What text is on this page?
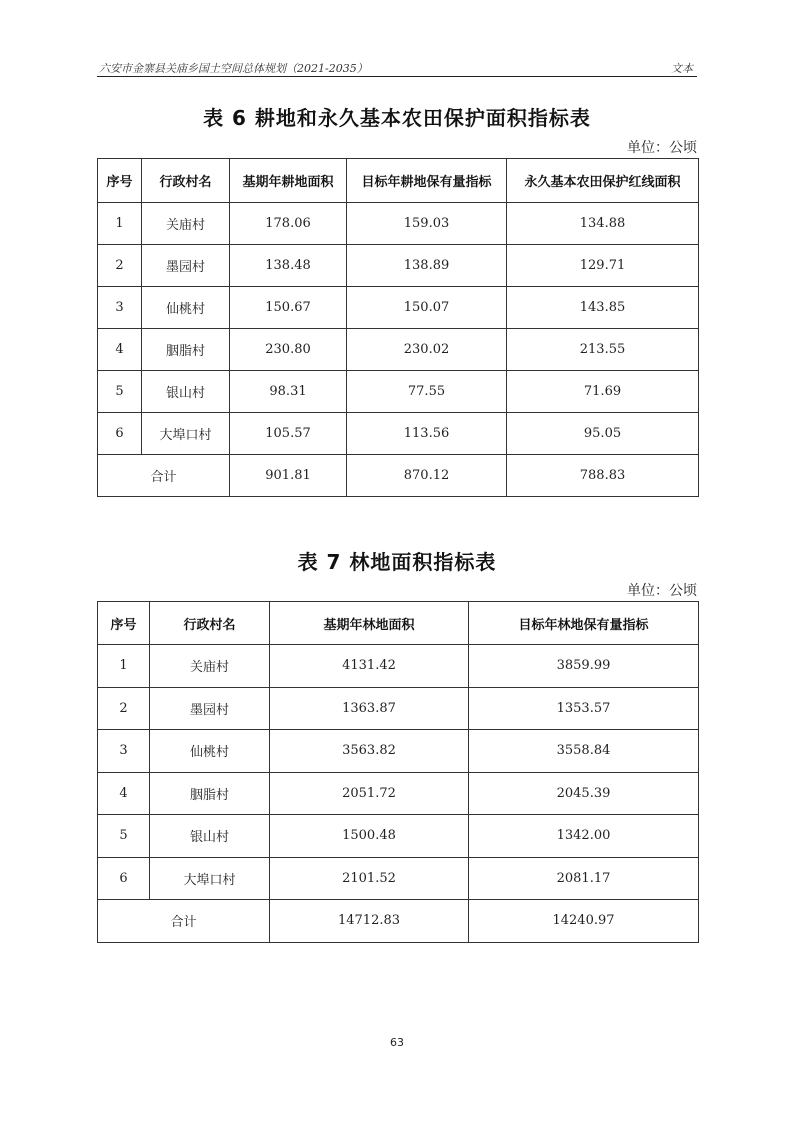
六安市金寨县关庙乡国土空间总体规划（2021-2035）	文本
表 6 耕地和永久基本农田保护面积指标表
单位：公顷
序号	行政村名	基期年耕地面积	目标年耕地保有量指标	永久基本农田保护红线面积
1	关庙村	178.06	159.03	134.88
2	墨园村	138.48	138.89	129.71
3	仙桃村	150.67	150.07	143.85
4	胭脂村	230.80	230.02	213.55
5	银山村	98.31	77.55	71.69
6	大埠口村	105.57	113.56	95.05
合计		901.81	870.12	788.83
表 7 林地面积指标表
单位：公顷
序号	行政村名	基期年林地面积	目标年林地保有量指标
1	关庙村	4131.42	3859.99
2	墨园村	1363.87	1353.57
3	仙桃村	3563.82	3558.84
4	胭脂村	2051.72	2045.39
5	银山村	1500.48	1342.00
6	大埠口村	2101.52	2081.17
合计		14712.83	14240.97
63
